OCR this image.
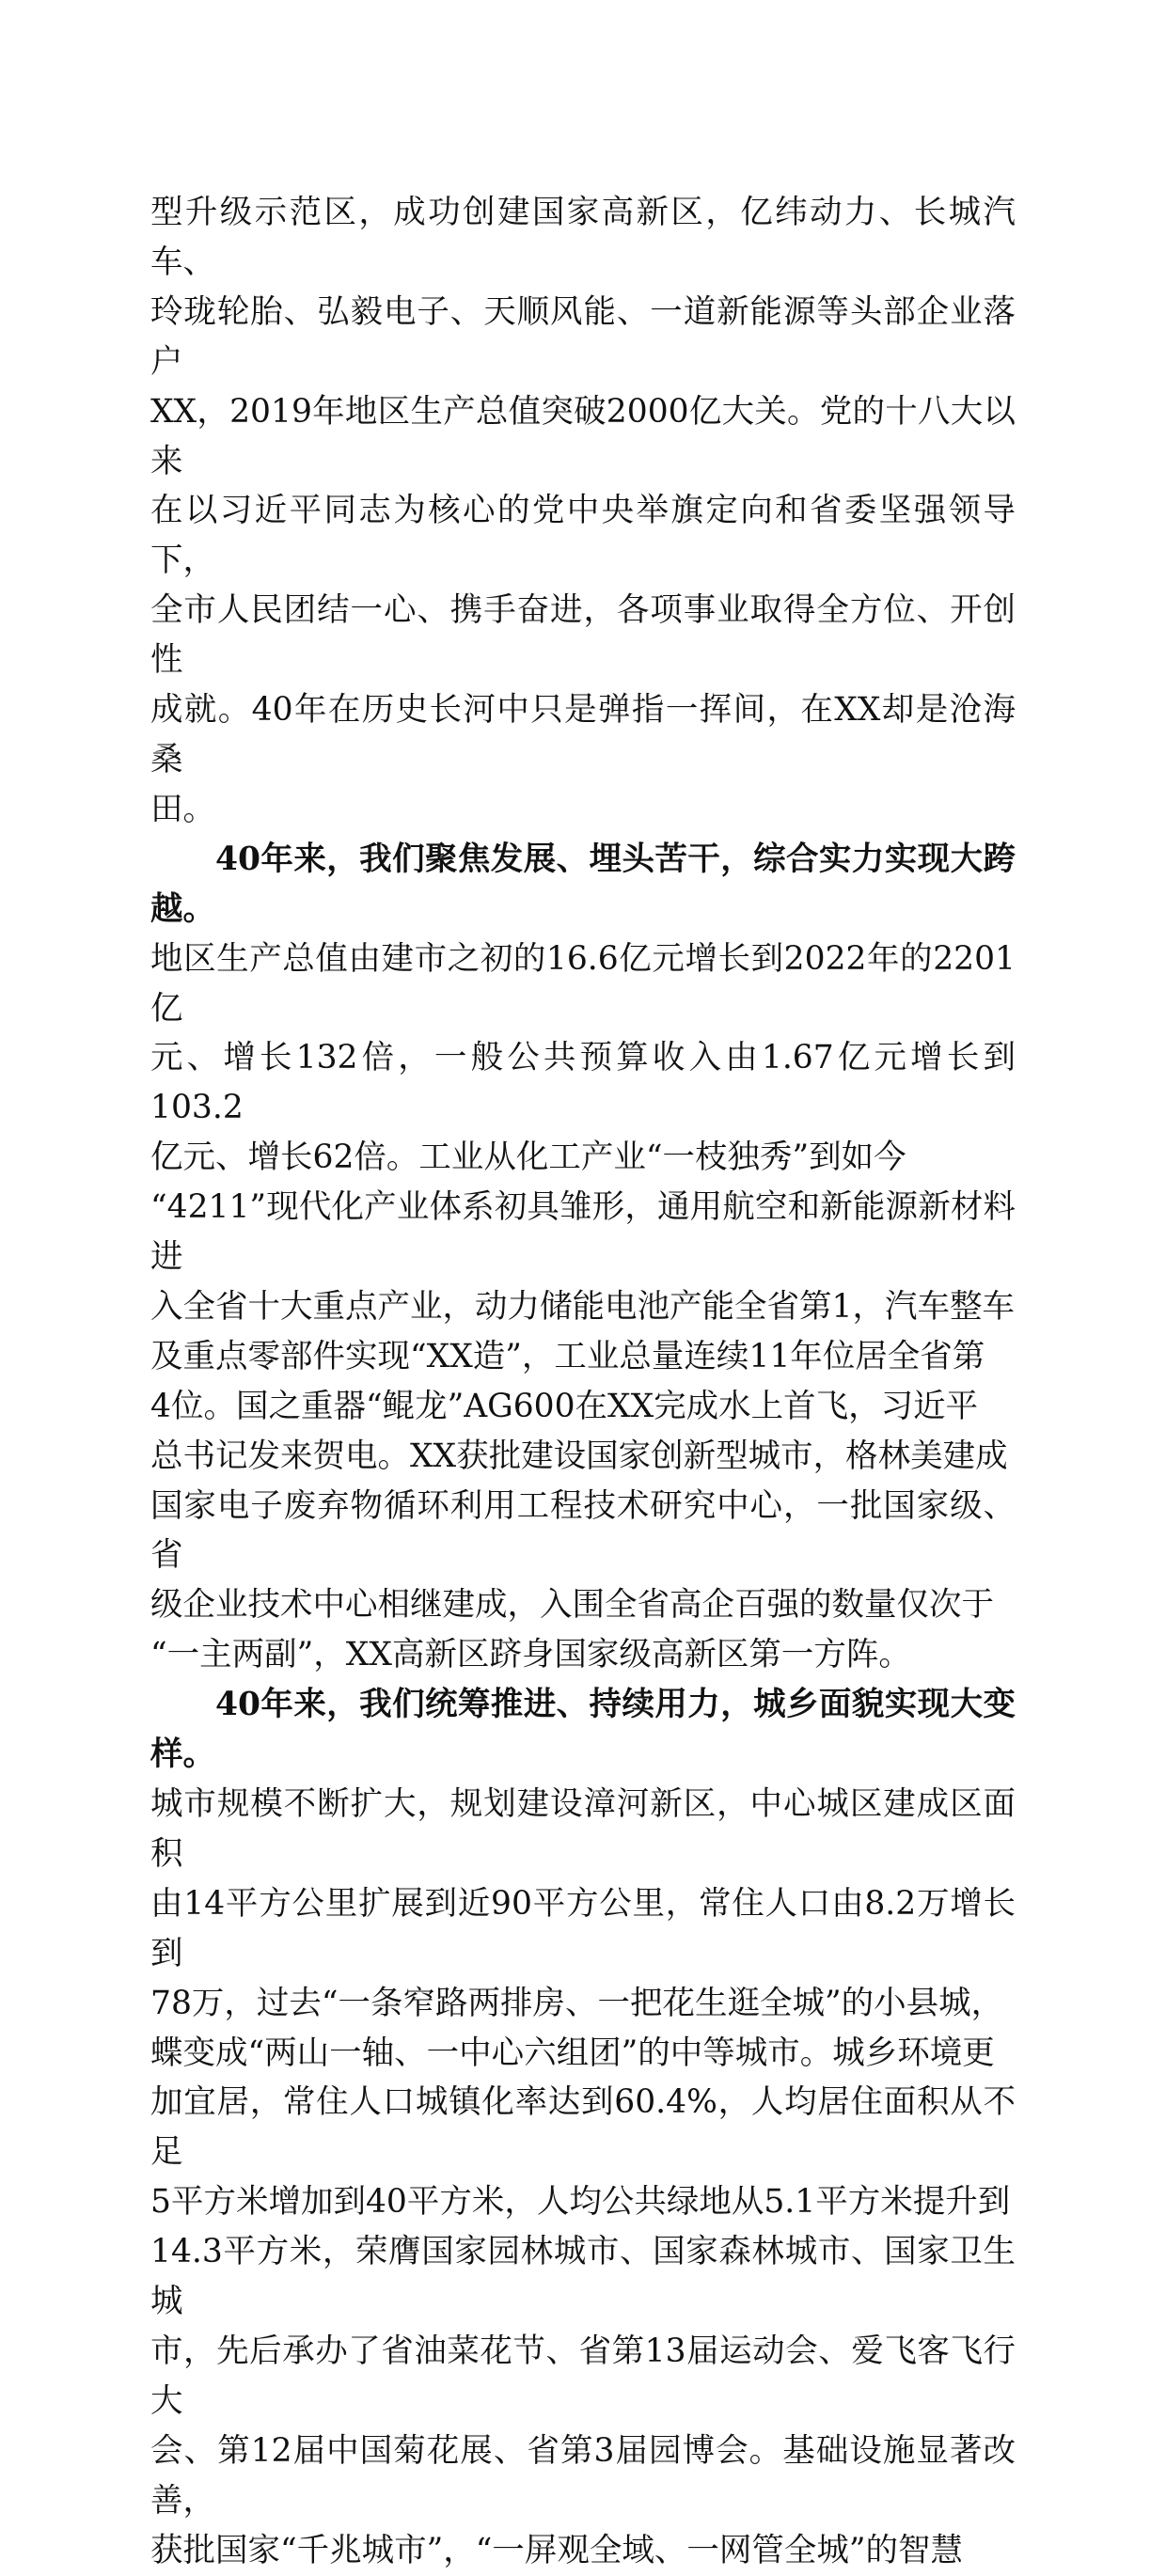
型升级示范区，成功创建国家高新区，亿纬动力、长城汽车、
玲珑轮胎、弘毅电子、天顺风能、一道新能源等头部企业落户
XX，2019年地区生产总值突破2000亿大关。党的十八大以来
在以习近平同志为核心的党中央举旗定向和省委坚强领导下，
全市人民团结一心、携手奋进，各项事业取得全方位、开创性
成就。40年在历史长河中只是弹指一挥间，在XX却是沧海桑
田。

40年来，我们聚焦发展、埋头苦干，综合实力实现大跨越。
地区生产总值由建市之初的16.6亿元增长到2022年的2201亿
元、增长132倍，一般公共预算收入由1.67亿元增长到103.2
亿元、增长62倍。工业从化工产业“一枝独秀”到如今
“4211”现代化产业体系初具雏形，通用航空和新能源新材料进
入全省十大重点产业，动力储能电池产能全省第1，汽车整车
及重点零部件实现“XX造”，工业总量连续11年位居全省第
4位。国之重器“鲲龙”AG600在XX完成水上首飞，习近平
总书记发来贺电。XX获批建设国家创新型城市，格林美建成
国家电子废弃物循环利用工程技术研究中心，一批国家级、省
级企业技术中心相继建成，入围全省高企百强的数量仅次于
“一主两副”，XX高新区跻身国家级高新区第一方阵。

40年来，我们统筹推进、持续用力，城乡面貌实现大变样。
城市规模不断扩大，规划建设漳河新区，中心城区建成区面积
由14平方公里扩展到近90平方公里，常住人口由8.2万增长到
78万，过去“一条窄路两排房、一把花生逛全城”的小县城，
蝶变成“两山一轴、一中心六组团”的中等城市。城乡环境更
加宜居，常住人口城镇化率达到60.4%，人均居住面积从不足
5平方米增加到40平方米，人均公共绿地从5.1平方米提升到
14.3平方米，荣膺国家园林城市、国家森林城市、国家卫生城
市，先后承办了省油菜花节、省第13届运动会、爱飞客飞行大
会、第12届中国菊花展、省第3届园博会。基础设施显著改善，
获批国家“千兆城市”，“一屏观全域、一网管全城”的智慧
